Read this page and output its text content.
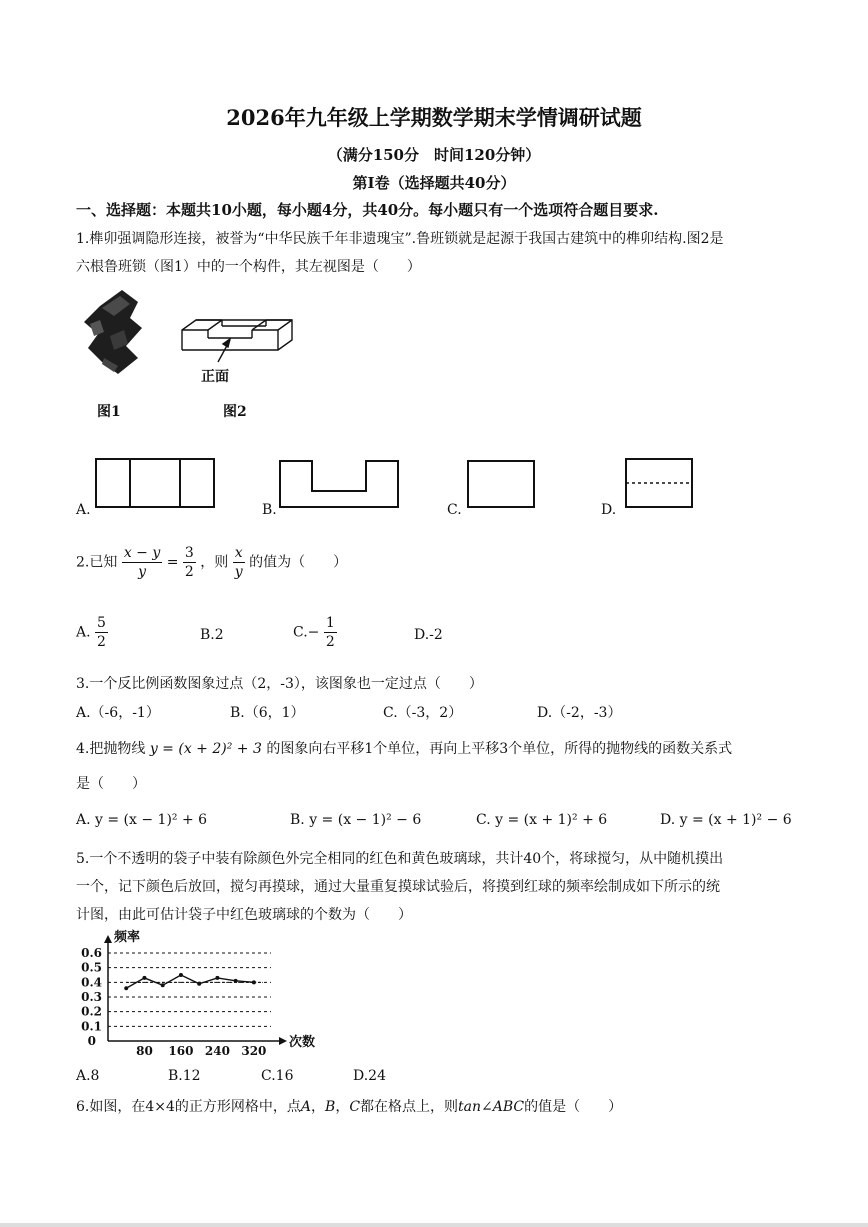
2026年九年级上学期数学期末学情调研试题
（满分150分　时间120分钟）
第Ⅰ卷（选择题共40分）
一、选择题：本题共10小题，每小题4分，共40分。每小题只有一个选项符合题目要求.
1.榫卯强调隐形连接，被誉为“中华民族千年非遗瑰宝”.鲁班锁就是起源于我国古建筑中的榫卯结构.图2是
六根鲁班锁（图1）中的一个构件，其左视图是（　　）
正面
图1	图2
A.	B.	C.	D.
2.已知 $\frac{x - y}{y} = \frac{3}{2}$ ，则 $\frac{x}{y}$ 的值为（　　）
A. $\frac{5}{2}$	B.2	$C.- \frac{1}{2}$	D.-2
3.一个反比例函数图象过点（2，-3），该图象也一定过点（　　）
A.（-6，-1）	B.（6，1）	C.（-3，2）	D.（-2，-3）
4.把抛物线 y = (x + 2)² + 3 的图象向右平移1个单位，再向上平移3个单位，所得的抛物线的函数关系式
是（　　）
A. y = (x − 1)² + 6	B. y = (x − 1)² − 6	C. y = (x + 1)² + 6	D. y = (x + 1)² − 6
5.一个不透明的袋子中装有除颜色外完全相同的红色和黄色玻璃球，共计40个，将球搅匀，从中随机摸出
一个，记下颜色后放回，搅匀再摸球，通过大量重复摸球试验后，将摸到红球的频率绘制成如下所示的统
计图，由此可估计袋子中红色玻璃球的个数为（　　）
0.1
0.2
0.3
0.4
0.5
0.6
频率
次数
0
80 160 240 320
A.8	B.12	C.16	D.24
6.如图，在4×4的正方形网格中，点A，B，C都在格点上，则tan∠ABC的值是（　　）
